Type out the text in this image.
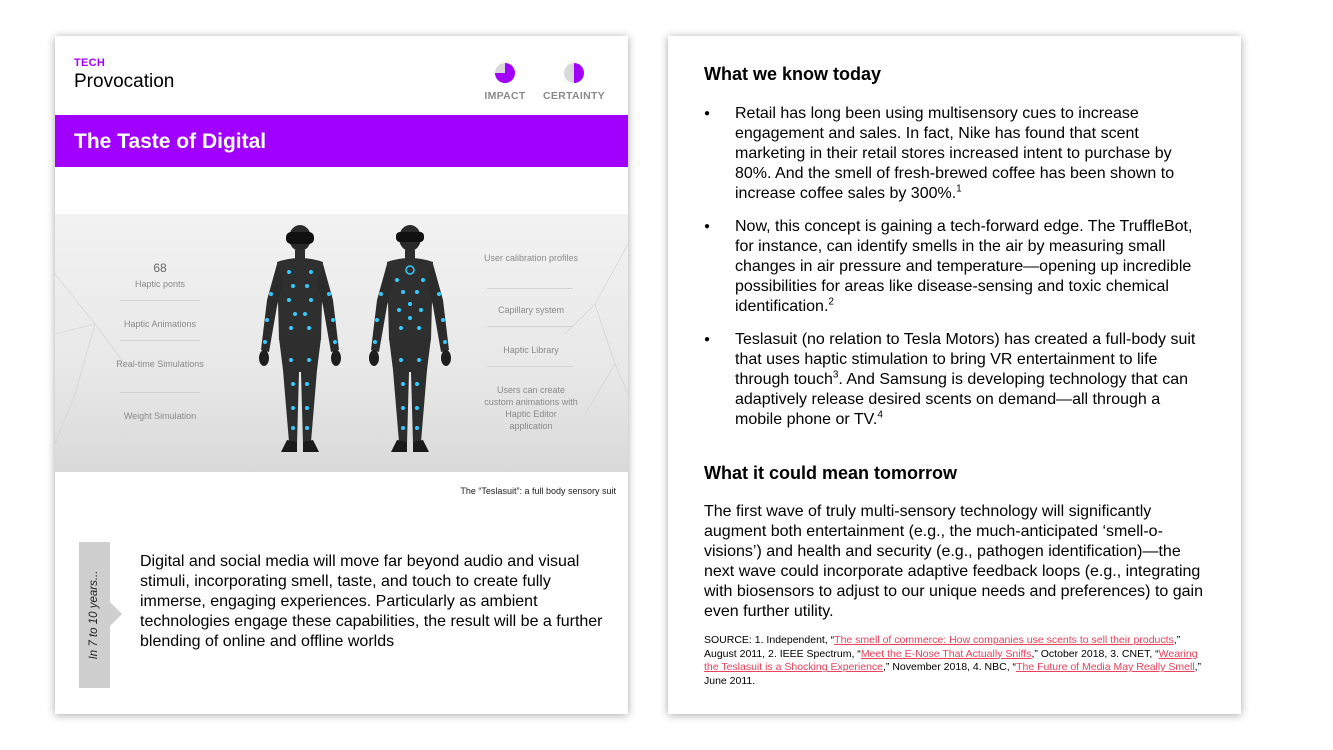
TECH
Provocation
IMPACT	CERTAINTY
The Taste of Digital
68
Haptic ponts
Haptic Animations
Real-time Simulations
Weight Simulation
User calibration profiles
Capillary system
Haptic Library
Users can create custom animations with Haptic Editor application
The “Teslasuit”: a full body sensory suit
In 7 to 10 years...
Digital and social media will move far beyond audio and visual stimuli, incorporating smell, taste, and touch to create fully immerse, engaging experiences. Particularly as ambient technologies engage these capabilities, the result will be a further blending of online and offline worlds
What we know today
● Retail has long been using multisensory cues to increase engagement and sales. In fact, Nike has found that scent marketing in their retail stores increased intent to purchase by 80%. And the smell of fresh-brewed coffee has been shown to increase coffee sales by 300%.$^1$
● Now, this concept is gaining a tech-forward edge. The TruffleBot, for instance, can identify smells in the air by measuring small changes in air pressure and temperature—opening up incredible possibilities for areas like disease-sensing and toxic chemical identification.$^2$
● Teslasuit (no relation to Tesla Motors) has created a full-body suit that uses haptic stimulation to bring VR entertainment to life through touch$^3$. And Samsung is developing technology that can adaptively release desired scents on demand—all through a mobile phone or TV.$^4$
What it could mean tomorrow
The first wave of truly multi-sensory technology will significantly augment both entertainment (e.g., the much-anticipated ‘smell-o-visions’) and health and security (e.g., pathogen identification)—the next wave could incorporate adaptive feedback loops (e.g., integrating with biosensors to adjust to our unique needs and preferences) to gain even further utility.
SOURCE: 1. Independent, “The smell of commerce: How companies use scents to sell their products,” August 2011, 2. IEEE Spectrum, “Meet the E-Nose That Actually Sniffs,” October 2018, 3. CNET, “Wearing the Teslasuit is a Shocking Experience,” November 2018, 4. NBC, “The Future of Media May Really Smell,” June 2011.
